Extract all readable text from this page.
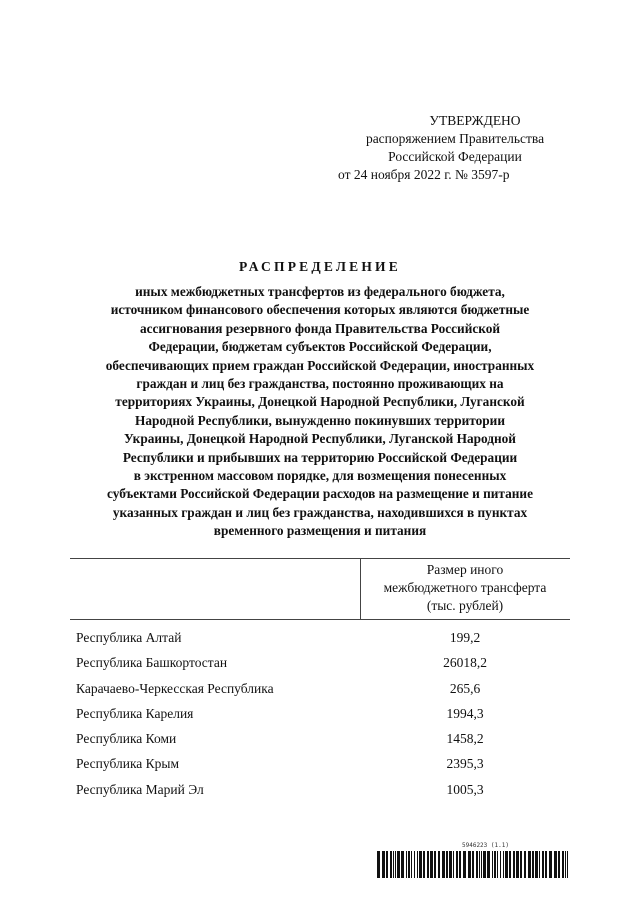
УТВЕРЖДЕНО
распоряжением Правительства
Российской Федерации
от 24 ноября 2022 г. № 3597-р
РАСПРЕДЕЛЕНИЕ
иных межбюджетных трансфертов из федерального бюджета,
источником финансового обеспечения которых являются бюджетные
ассигнования резервного фонда Правительства Российской
Федерации, бюджетам субъектов Российской Федерации,
обеспечивающих прием граждан Российской Федерации, иностранных
граждан и лиц без гражданства, постоянно проживающих на
территориях Украины, Донецкой Народной Республики, Луганской
Народной Республики, вынужденно покинувших территории
Украины, Донецкой Народной Республики, Луганской Народной
Республики и прибывших на территорию Российской Федерации
в экстренном массовом порядке, для возмещения понесенных
субъектами Российской Федерации расходов на размещение и питание
указанных граждан и лиц без гражданства, находившихся в пунктах
временного размещения и питания
Размер иного
межбюджетного трансферта
(тыс. рублей)
Республика Алтай	199,2
Республика Башкортостан	26018,2
Карачаево-Черкесская Республика	265,6
Республика Карелия	1994,3
Республика Коми	1458,2
Республика Крым	2395,3
Республика Марий Эл	1005,3
5946223 (1.1)
